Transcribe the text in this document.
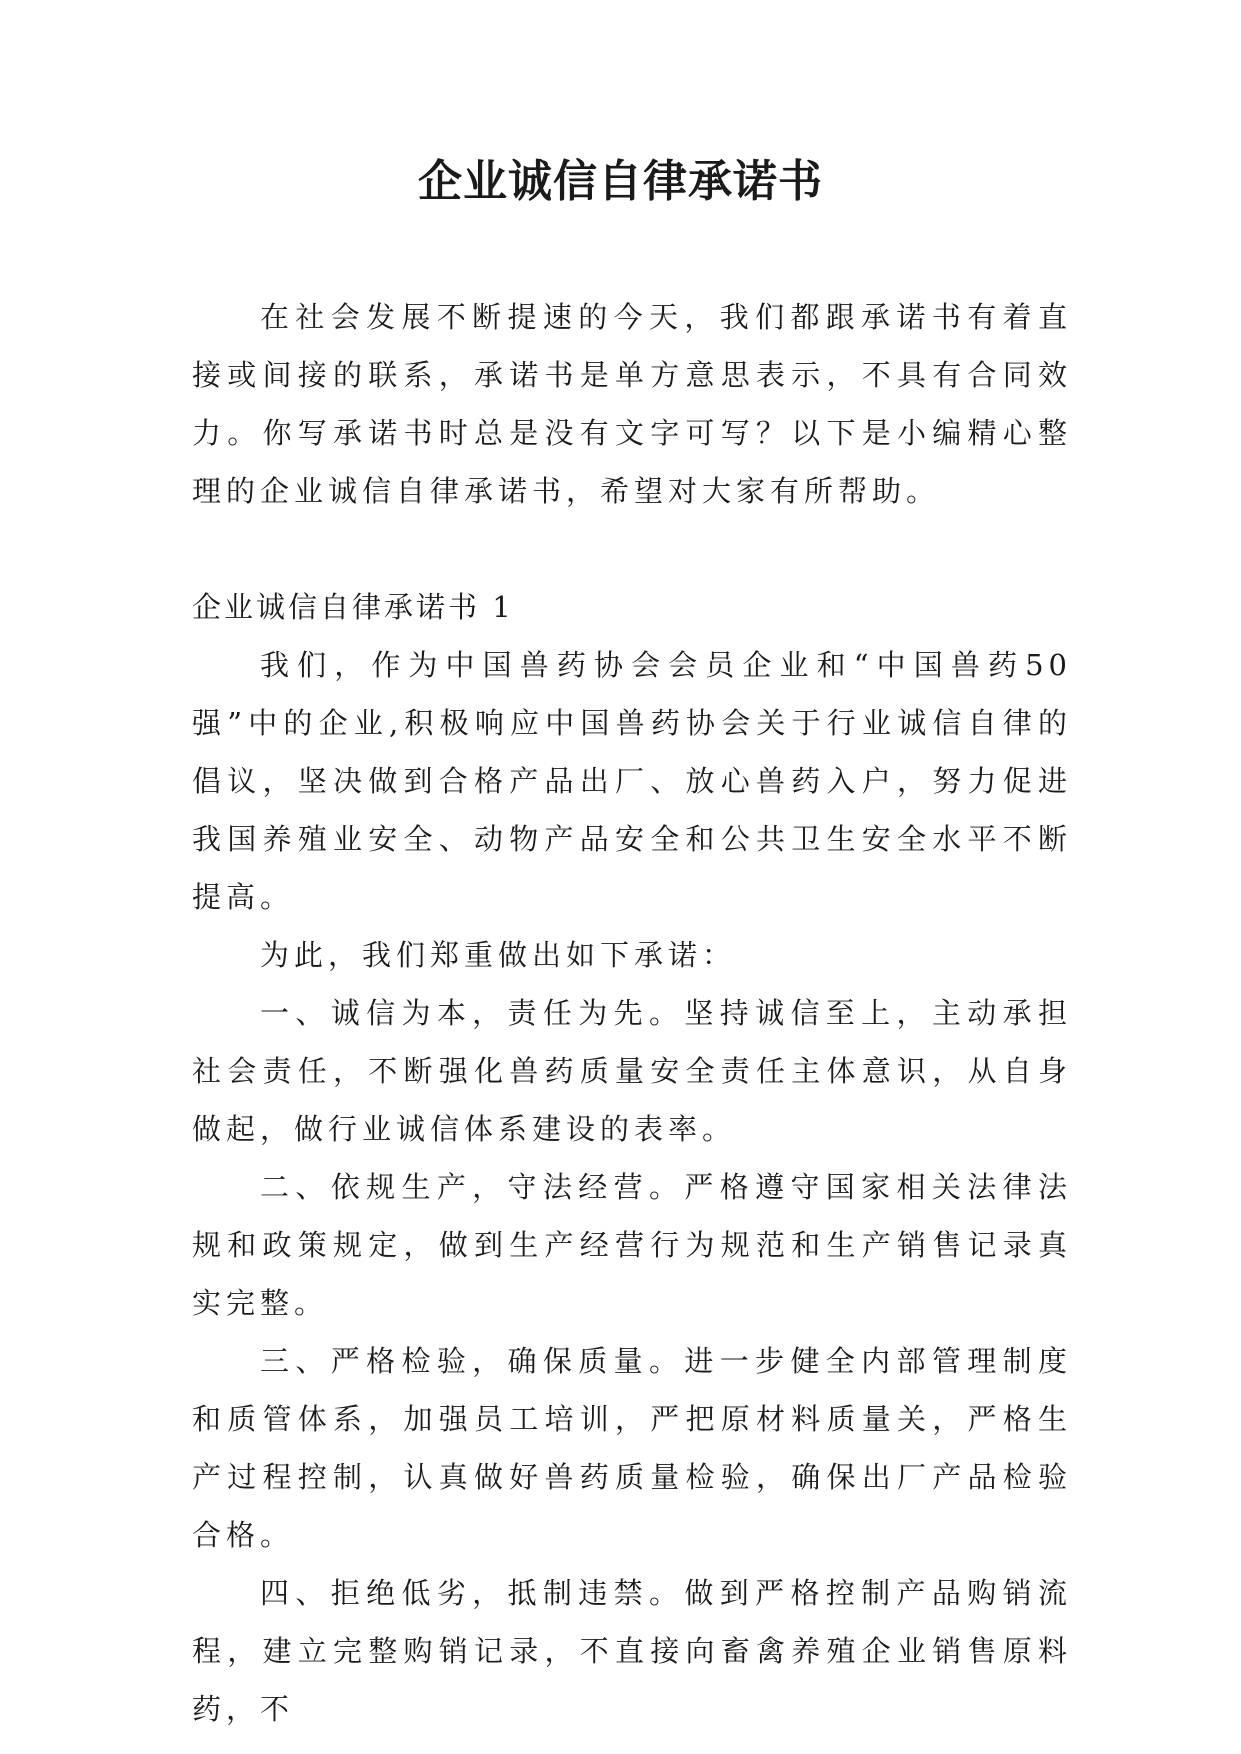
企业诚信自律承诺书

在社会发展不断提速的今天，我们都跟承诺书有着直接或间接的联系，承诺书是单方意思表示，不具有合同效力。你写承诺书时总是没有文字可写？以下是小编精心整理的企业诚信自律承诺书，希望对大家有所帮助。

企业诚信自律承诺书 1

我们，作为中国兽药协会会员企业和“中国兽药50强”中的企业,积极响应中国兽药协会关于行业诚信自律的倡议，坚决做到合格产品出厂、放心兽药入户，努力促进我国养殖业安全、动物产品安全和公共卫生安全水平不断提高。

为此，我们郑重做出如下承诺：

一、诚信为本，责任为先。坚持诚信至上，主动承担社会责任，不断强化兽药质量安全责任主体意识，从自身做起，做行业诚信体系建设的表率。

二、依规生产，守法经营。严格遵守国家相关法律法规和政策规定，做到生产经营行为规范和生产销售记录真实完整。

三、严格检验，确保质量。进一步健全内部管理制度和质管体系，加强员工培训，严把原材料质量关，严格生产过程控制，认真做好兽药质量检验，确保出厂产品检验合格。

四、拒绝低劣，抵制违禁。做到严格控制产品购销流程，建立完整购销记录，不直接向畜禽养殖企业销售原料药，不
